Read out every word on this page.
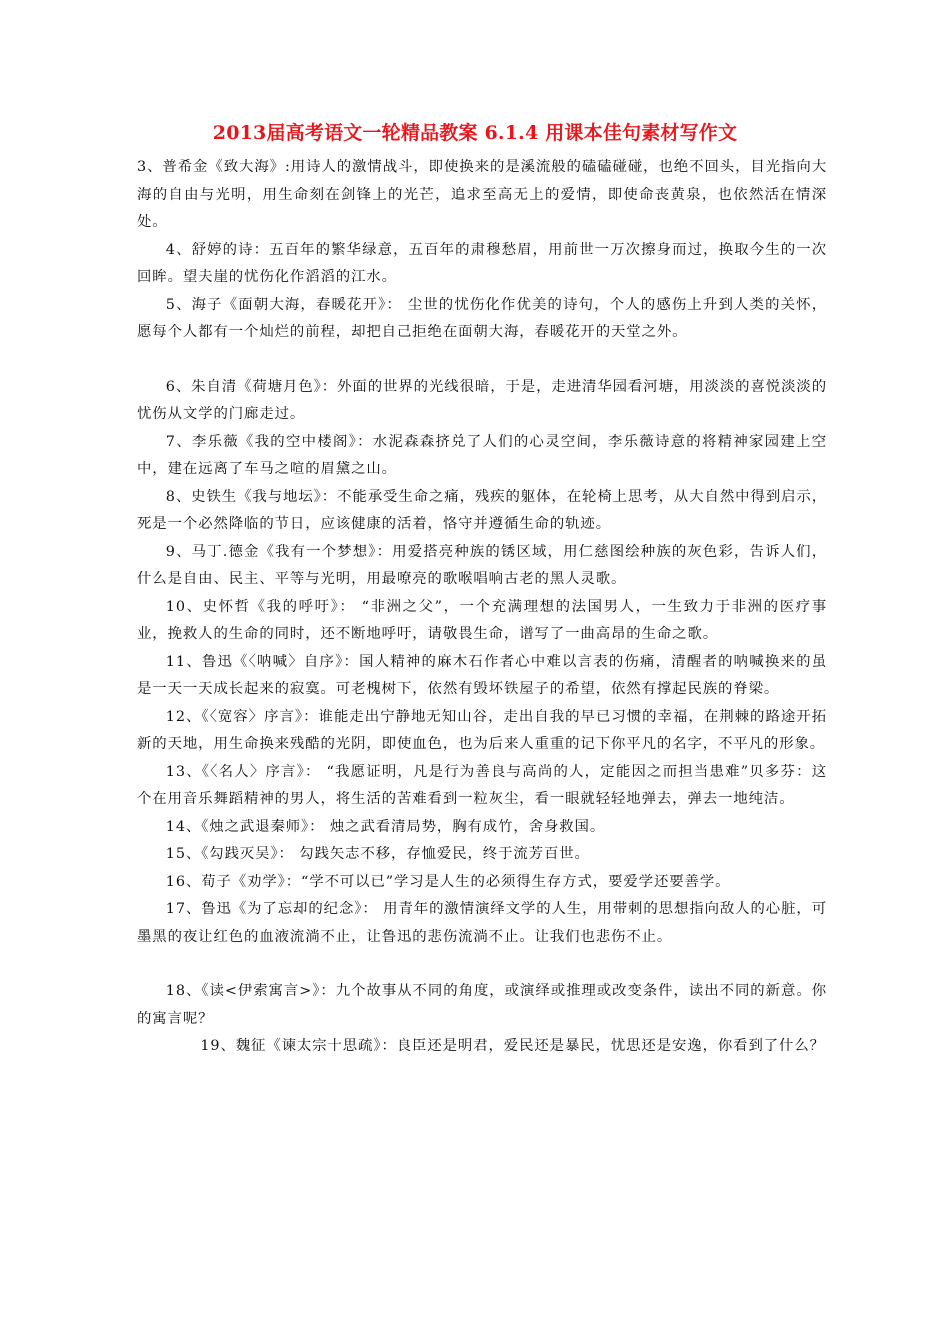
2013届高考语文一轮精品教案 6.1.4 用课本佳句素材写作文

3、普希金《致大海》:用诗人的激情战斗，即使换来的是溪流般的磕磕碰碰，也绝不回头，目光指向大海的自由与光明，用生命刻在剑锋上的光芒，追求至高无上的爱情，即使命丧黄泉，也依然活在情深处。

4、舒婷的诗：五百年的繁华绿意，五百年的肃穆愁眉，用前世一万次擦身而过，换取今生的一次回眸。望夫崖的忧伤化作滔滔的江水。

5、海子《面朝大海，春暖花开》： 尘世的忧伤化作优美的诗句，个人的感伤上升到人类的关怀，愿每个人都有一个灿烂的前程，却把自己拒绝在面朝大海，春暖花开的天堂之外。

6、朱自清《荷塘月色》：外面的世界的光线很暗，于是，走进清华园看河塘，用淡淡的喜悦淡淡的忧伤从文学的门廊走过。

7、李乐薇《我的空中楼阁》：水泥森森挤兑了人们的心灵空间，李乐薇诗意的将精神家园建上空中，建在远离了车马之喧的眉黛之山。

8、史铁生《我与地坛》：不能承受生命之痛，残疾的躯体，在轮椅上思考，从大自然中得到启示，死是一个必然降临的节日，应该健康的活着，恪守并遵循生命的轨迹。

9、马丁.德金《我有一个梦想》：用爱搭亮种族的锈区域，用仁慈图绘种族的灰色彩，告诉人们，什么是自由、民主、平等与光明，用最嘹亮的歌喉唱响古老的黑人灵歌。

10、史怀哲《我的呼吁》： “非洲之父”，一个充满理想的法国男人，一生致力于非洲的医疗事业，挽救人的生命的同时，还不断地呼吁，请敬畏生命，谱写了一曲高昂的生命之歌。

11、鲁迅《〈呐喊〉自序》：国人精神的麻木石作者心中难以言表的伤痛，清醒者的呐喊换来的虽是一天一天成长起来的寂寞。可老槐树下，依然有毁坏铁屋子的希望，依然有撑起民族的脊梁。

12、《〈宽容〉序言》：谁能走出宁静地无知山谷，走出自我的早已习惯的幸福，在荆棘的路途开拓新的天地，用生命换来残酷的光阴，即使血色，也为后来人重重的记下你平凡的名字，不平凡的形象。

13、《〈名人〉序言》： “我愿证明，凡是行为善良与高尚的人，定能因之而担当患难”贝多芬：这个在用音乐舞蹈精神的男人，将生活的苦难看到一粒灰尘，看一眼就轻轻地弹去，弹去一地纯洁。

14、《烛之武退秦师》： 烛之武看清局势，胸有成竹，舍身救国。

15、《勾践灭吴》： 勾践矢志不移，存恤爱民，终于流芳百世。

16、荀子《劝学》：“学不可以已”学习是人生的必须得生存方式，要爱学还要善学。

17、鲁迅《为了忘却的纪念》： 用青年的激情演绎文学的人生，用带刺的思想指向敌人的心脏，可墨黑的夜让红色的血液流淌不止，让鲁迅的悲伤流淌不止。让我们也悲伤不止。

18、《读<伊索寓言>》：九个故事从不同的角度，或演绎或推理或改变条件，读出不同的新意。你的寓言呢？

19、魏征《谏太宗十思疏》：良臣还是明君，爱民还是暴民，忧思还是安逸，你看到了什么？
